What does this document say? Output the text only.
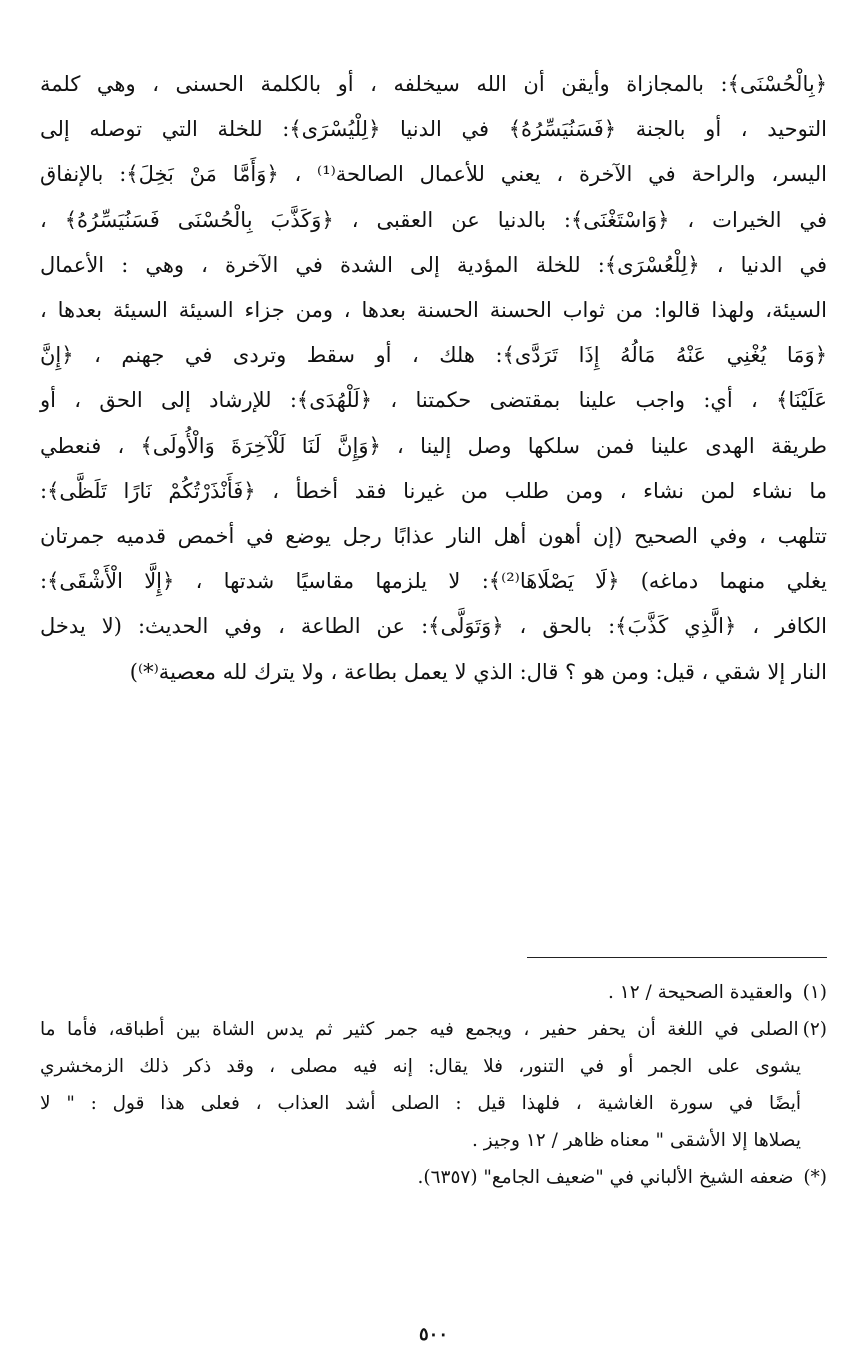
﴿بِالْحُسْنَى﴾: بالمجازاة وأيقن أن الله سيخلفه ، أو بالكلمة الحسنى ، وهي كلمة
التوحيد ، أو بالجنة ﴿فَسَنُيَسِّرُهُ﴾ في الدنيا ﴿لِلْيُسْرَى﴾: للخلة التي توصله إلى
اليسر، والراحة في الآخرة ، يعني للأعمال الصالحة⁽¹⁾ ، ﴿وَأَمَّا مَنْ بَخِلَ﴾: بالإنفاق
في الخيرات ، ﴿وَاسْتَغْنَى﴾: بالدنيا عن العقبى ، ﴿وَكَذَّبَ بِالْحُسْنَى فَسَنُيَسِّرُهُ﴾ ،
في الدنيا ، ﴿لِلْعُسْرَى﴾: للخلة المؤدية إلى الشدة في الآخرة ، وهي : الأعمال
السيئة، ولهذا قالوا: من ثواب الحسنة الحسنة بعدها ، ومن جزاء السيئة السيئة بعدها ،
﴿وَمَا يُغْنِي عَنْهُ مَالُهُ إِذَا تَرَدَّى﴾: هلك ، أو سقط وتردى في جهنم ، ﴿إِنَّ
عَلَيْنَا﴾ ، أي: واجب علينا بمقتضى حكمتنا ، ﴿لَلْهُدَى﴾: للإرشاد إلى الحق ، أو
طريقة الهدى علينا فمن سلكها وصل إلينا ، ﴿وَإِنَّ لَنَا لَلْآخِرَةَ وَالْأُولَى﴾ ، فنعطي
ما نشاء لمن نشاء ، ومن طلب من غيرنا فقد أخطأ ، ﴿فَأَنْذَرْتُكُمْ نَارًا تَلَظَّى﴾:
تتلهب ، وفي الصحيح (إن أهون أهل النار عذابًا رجل يوضع في أخمص قدميه جمرتان
يغلي منهما دماغه) ﴿لَا يَصْلَاهَا⁽²⁾﴾: لا يلزمها مقاسيًا شدتها ، ﴿إِلَّا الْأَشْقَى﴾:
الكافر ، ﴿الَّذِي كَذَّبَ﴾: بالحق ، ﴿وَتَوَلَّى﴾: عن الطاعة ، وفي الحديث: (لا يدخل
النار إلا شقي ، قيل: ومن هو ؟ قال: الذي لا يعمل بطاعة ، ولا يترك لله معصية⁽*⁾)

(١) والعقيدة الصحيحة / ١٢ .

(٢)الصلى في اللغة أن يحفر حفير ، ويجمع فيه جمر كثير ثم يدس الشاة بين أطباقه، فأما ما
يشوى على الجمر أو في التنور، فلا يقال: إنه فيه مصلى ، وقد ذكر ذلك الزمخشري
أيضًا في سورة الغاشية ، فلهذا قيل : الصلى أشد العذاب ، فعلى هذا قول : " لا
يصلاها إلا الأشقى " معناه ظاهر / ١٢ وجيز .

(*) ضعفه الشيخ الألباني في "ضعيف الجامع" (٦٣٥٧).

٥٠٠
